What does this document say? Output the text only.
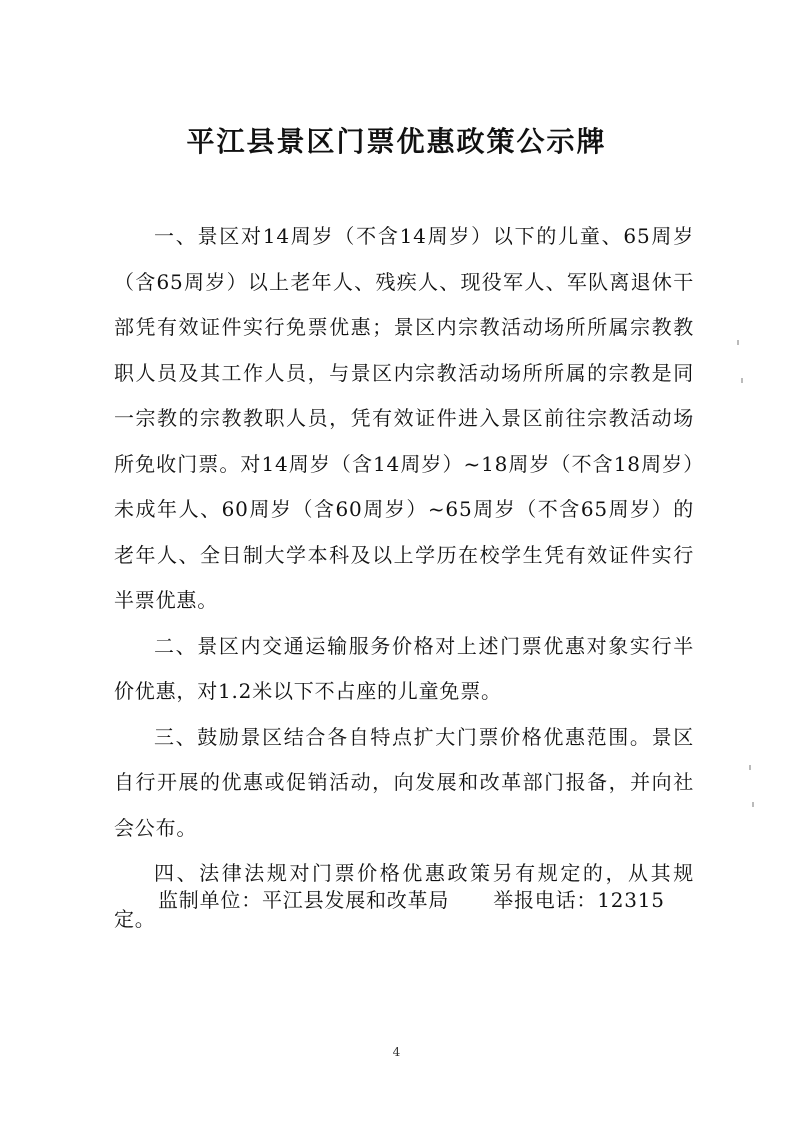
平江县景区门票优惠政策公示牌

一、景区对14周岁（不含14周岁）以下的儿童、65周岁（含65周岁）以上老年人、残疾人、现役军人、军队离退休干部凭有效证件实行免票优惠；景区内宗教活动场所所属宗教教职人员及其工作人员，与景区内宗教活动场所所属的宗教是同一宗教的宗教教职人员，凭有效证件进入景区前往宗教活动场所免收门票。对14周岁（含14周岁）~18周岁（不含18周岁）未成年人、60周岁（含60周岁）~65周岁（不含65周岁）的老年人、全日制大学本科及以上学历在校学生凭有效证件实行半票优惠。

二、景区内交通运输服务价格对上述门票优惠对象实行半价优惠，对1.2米以下不占座的儿童免票。

三、鼓励景区结合各自特点扩大门票价格优惠范围。景区自行开展的优惠或促销活动，向发展和改革部门报备，并向社会公布。

四、法律法规对门票价格优惠政策另有规定的，从其规定。

监制单位：平江县发展和改革局 举报电话：12315
4
